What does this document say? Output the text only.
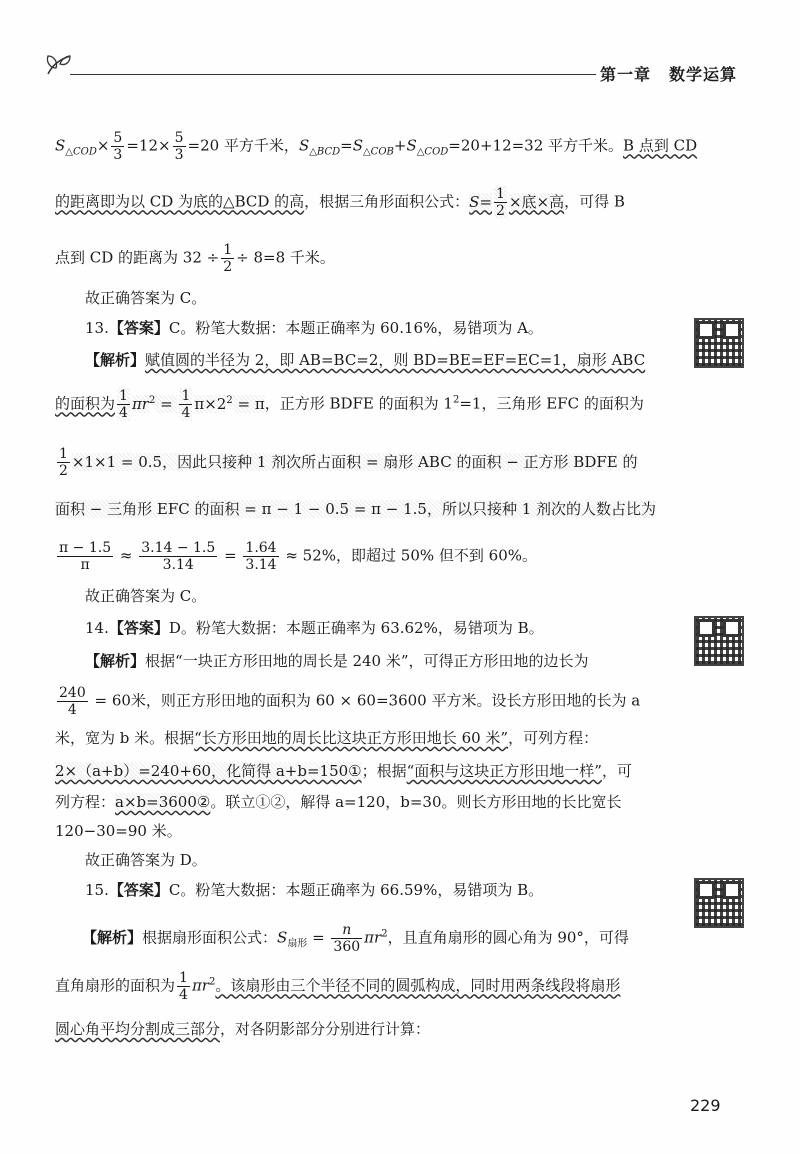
第一章 数学运算
$S_{\triangle COD}\times \frac{5}{3} =12\times \frac{5}{3} =20$ 平方千米，$S_{\triangle BCD}=S_{\triangle COB}+S_{\triangle COD}=20+12=32$ 平方千米。B 点到 CD
的距离即为以 CD 为底的△BCD 的高，根据三角形面积公式：$S= \frac{1}{2}$ ×底×高，可得 B
点到 CD 的距离为 $32 \div \frac{1}{2} \div 8=8$ 千米。
故正确答案为 C。
13.【答案】C。粉笔大数据：本题正确率为 60.16%，易错项为 A。
【解析】赋值圆的半径为 2，即 AB=BC=2，则 BD=BE=EF=EC=1，扇形 ABC
的面积为 $\frac{1}{4} \pi r^2 = \frac{1}{4} \pi\times 2^2 = \pi$，正方形 BDFE 的面积为 $1^2=1$，三角形 EFC 的面积为
$\frac{1}{2} \times 1\times 1 = 0.5$，因此只接种 1 剂次所占面积 = 扇形 ABC 的面积 − 正方形 BDFE 的
面积 − 三角形 EFC 的面积 = π − 1 − 0.5 = π − 1.5，所以只接种 1 剂次的人数占比为
$\frac{\pi - 1.5}{\pi} \approx \frac{3.14 - 1.5}{3.14} = \frac{1.64}{3.14} \approx 52\%$，即超过 50% 但不到 60%。
故正确答案为 C。
14.【答案】D。粉笔大数据：本题正确率为 63.62%，易错项为 B。
【解析】根据“一块正方形田地的周长是 240 米”，可得正方形田地的边长为
$\frac{240}{4} = 60$米，则正方形田地的面积为 60 × 60=3600 平方米。设长方形田地的长为 a
米，宽为 b 米。根据“长方形田地的周长比这块正方形田地长 60 米”，可列方程：
2×（a+b）=240+60，化简得 a+b=150①；根据“面积与这块正方形田地一样”，可
列方程：a×b=3600②。联立①②，解得 a=120，b=30。则长方形田地的长比宽长
120−30=90 米。
故正确答案为 D。
15.【答案】C。粉笔大数据：本题正确率为 66.59%，易错项为 B。
【解析】根据扇形面积公式：$S_{扇形} = \frac{n}{360} \pi r^2$，且直角扇形的圆心角为 90°，可得
直角扇形的面积为 $\frac{1}{4} \pi r^2$。该扇形由三个半径不同的圆弧构成，同时用两条线段将扇形
圆心角平均分割成三部分，对各阴影部分分别进行计算：
229
